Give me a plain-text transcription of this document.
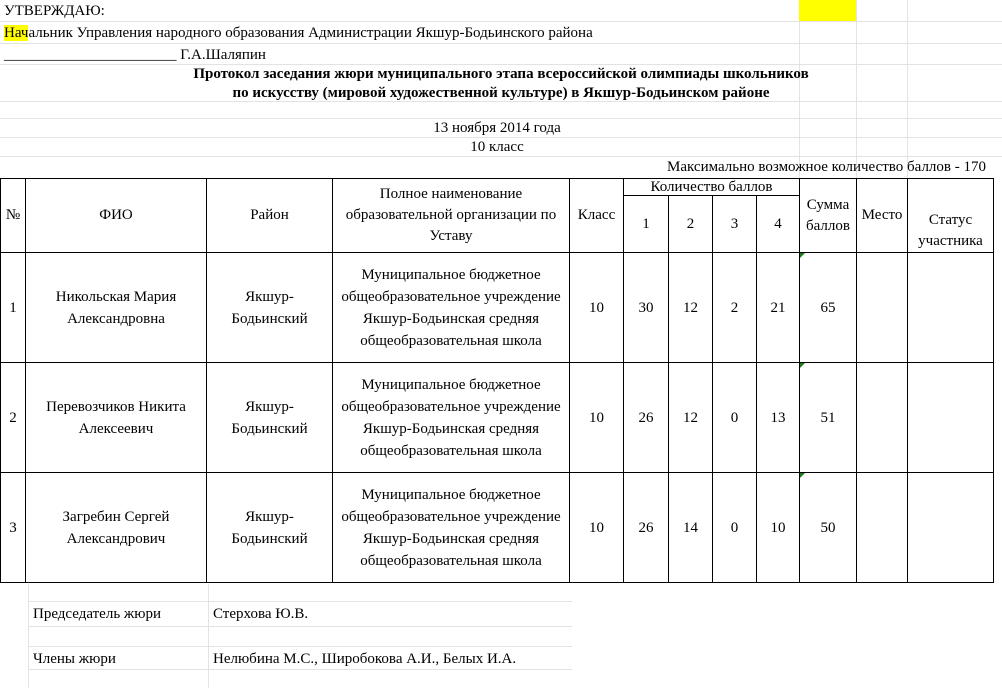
УТВЕРЖДАЮ:
Начальник Управления народного образования Администрации Якшур-Бодьинского района
_______________________ Г.А.Шаляпин
Протокол заседания жюри муниципального этапа всероссийской олимпиады школьников
по искусству (мировой художественной культуре) в Якшур-Бодьинском районе
13 ноября 2014 года
10 класс
Максимально возможное количество баллов - 170
№	ФИО	Район	Полное наименование образовательной организации по Уставу	Класс	Количество баллов				Сумма баллов	Место	Статус участника
					1	2	3	4			
1	Никольская Мария Александровна	Якшур-Бодьинский	Муниципальное бюджетное общеобразовательное учреждение Якшур-Бодьинская средняя общеобразовательная школа	10	30	12	2	21	65		
2	Перевозчиков Никита Алексеевич	Якшур-Бодьинский	Муниципальное бюджетное общеобразовательное учреждение Якшур-Бодьинская средняя общеобразовательная школа	10	26	12	0	13	51		
3	Загребин Сергей Александрович	Якшур-Бодьинский	Муниципальное бюджетное общеобразовательное учреждение Якшур-Бодьинская средняя общеобразовательная школа	10	26	14	0	10	50		
Председатель жюри	Стерхова Ю.В.
Члены жюри	Нелюбина М.С., Широбокова А.И., Белых И.А.
